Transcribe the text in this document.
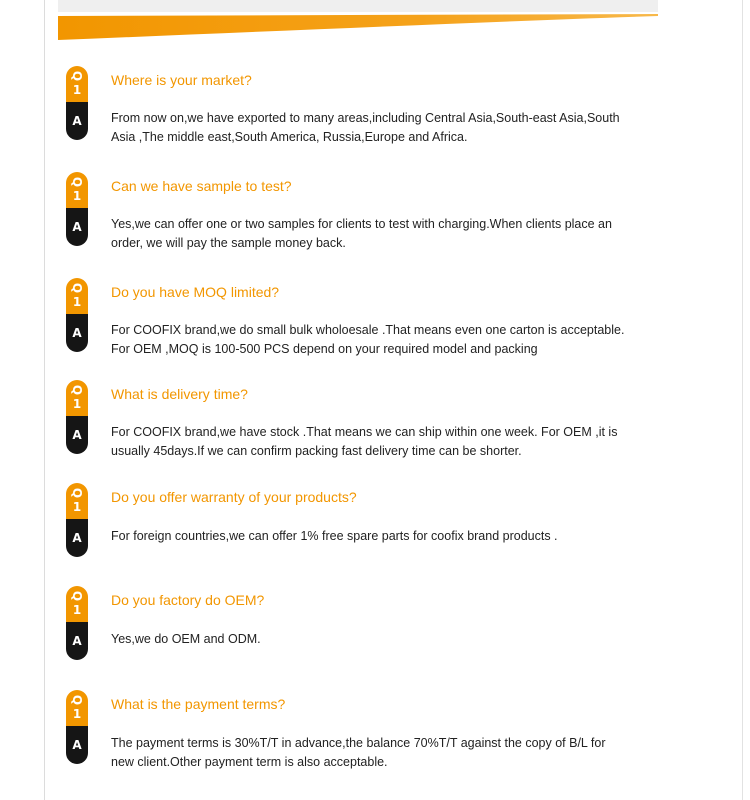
Q
1
A
Where is your market?
From now on,we have exported to many areas,including Central Asia,South-east Asia,South Asia ,The middle east,South America, Russia,Europe and Africa.
Q
1
A
Can we have sample to test?
Yes,we can offer one or two samples for clients to test with charging.When clients place an order, we will pay the sample money back.
Q
1
A
Do you have MOQ limited?
For COOFIX brand,we do small bulk wholoesale .That means even one carton is acceptable. For OEM ,MOQ is 100-500 PCS depend on your required model and packing
Q
1
A
What is delivery time?
For COOFIX brand,we have stock .That means we can ship within one week. For OEM ,it is usually 45days.If we can confirm packing fast delivery time can be shorter.
Q
1
A
Do you offer warranty of your products?
For foreign countries,we can offer 1% free spare parts for coofix brand products .
Q
1
A
Do you factory do OEM?
Yes,we do OEM and ODM.
Q
1
A
What is the payment terms?
The payment terms is 30%T/T in advance,the balance 70%T/T against the copy of B/L for new client.Other payment term is also acceptable.
